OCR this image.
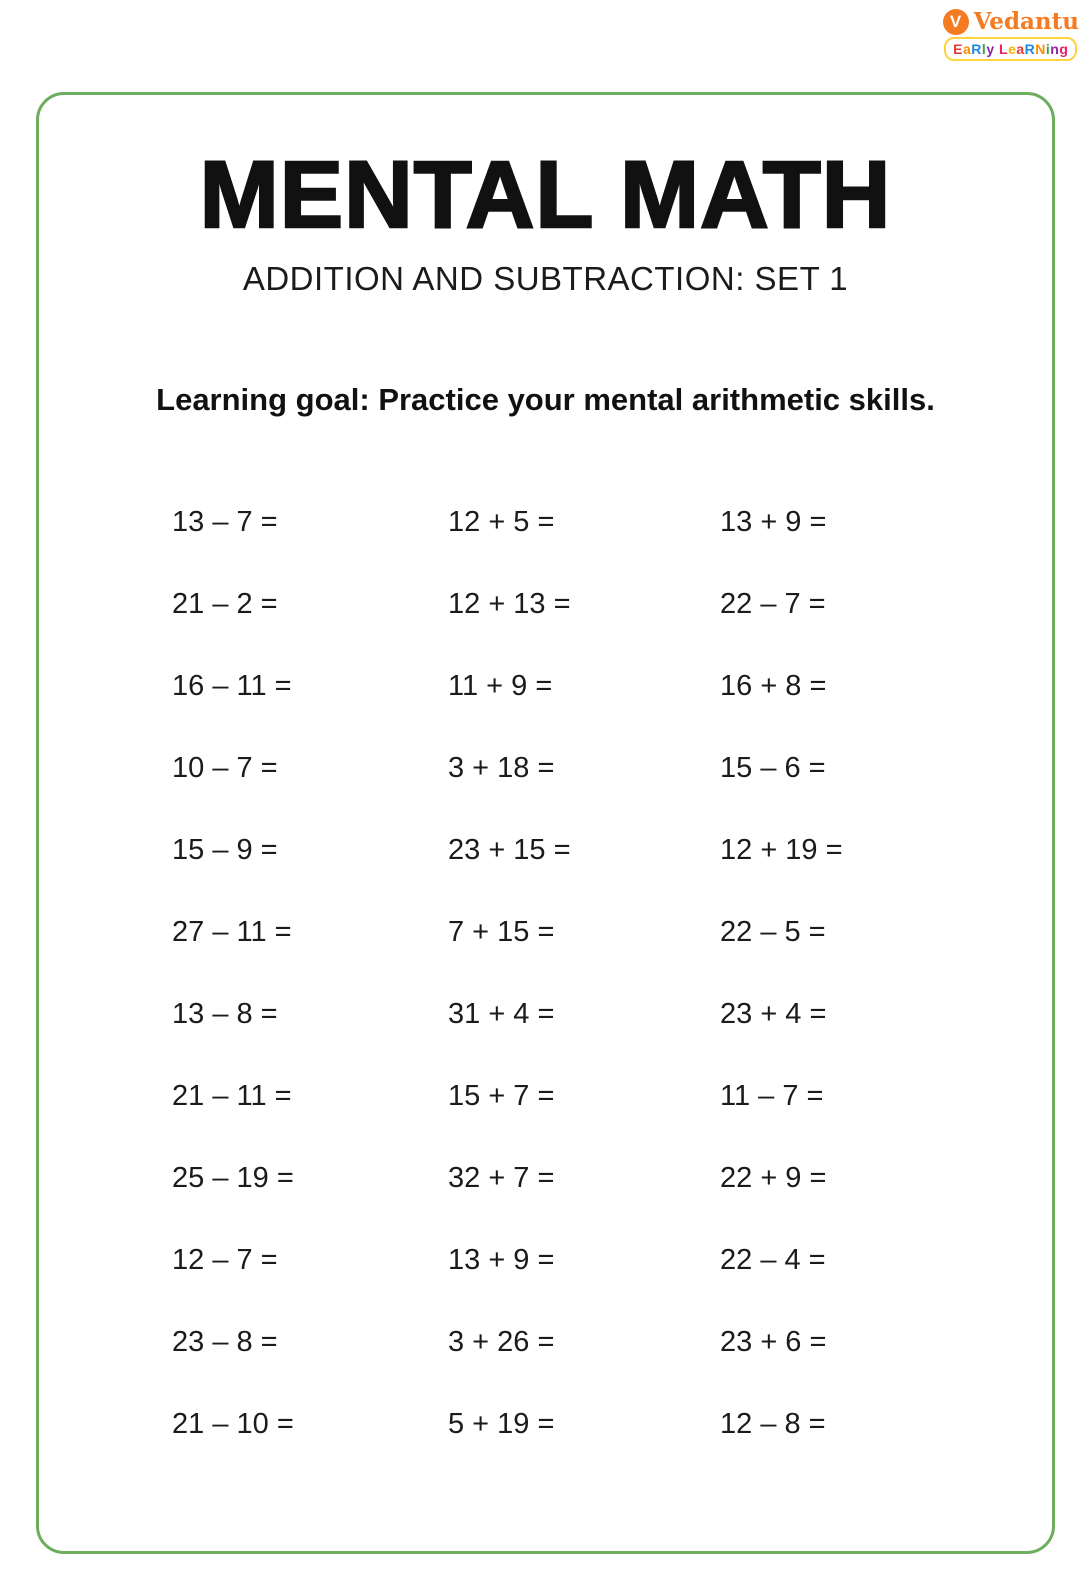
V Vedantu
EaRly LeaRNing
MENTAL MATH
ADDITION AND SUBTRACTION: SET 1
Learning goal: Practice your mental arithmetic skills.
13 – 7 =	12 + 5 =	13 + 9 =
21 – 2 =	12 + 13 =	22 – 7 =
16 – 11 =	11 + 9 =	16 + 8 =
10 – 7 =	3 + 18 =	15 – 6 =
15 – 9 =	23 + 15 =	12 + 19 =
27 – 11 =	7 + 15 =	22 – 5 =
13 – 8 =	31 + 4 =	23 + 4 =
21 – 11 =	15 + 7 =	11 – 7 =
25 – 19 =	32 + 7 =	22 + 9 =
12 – 7 =	13 + 9 =	22 – 4 =
23 – 8 =	3 + 26 =	23 + 6 =
21 – 10 =	5 + 19 =	12 – 8 =
